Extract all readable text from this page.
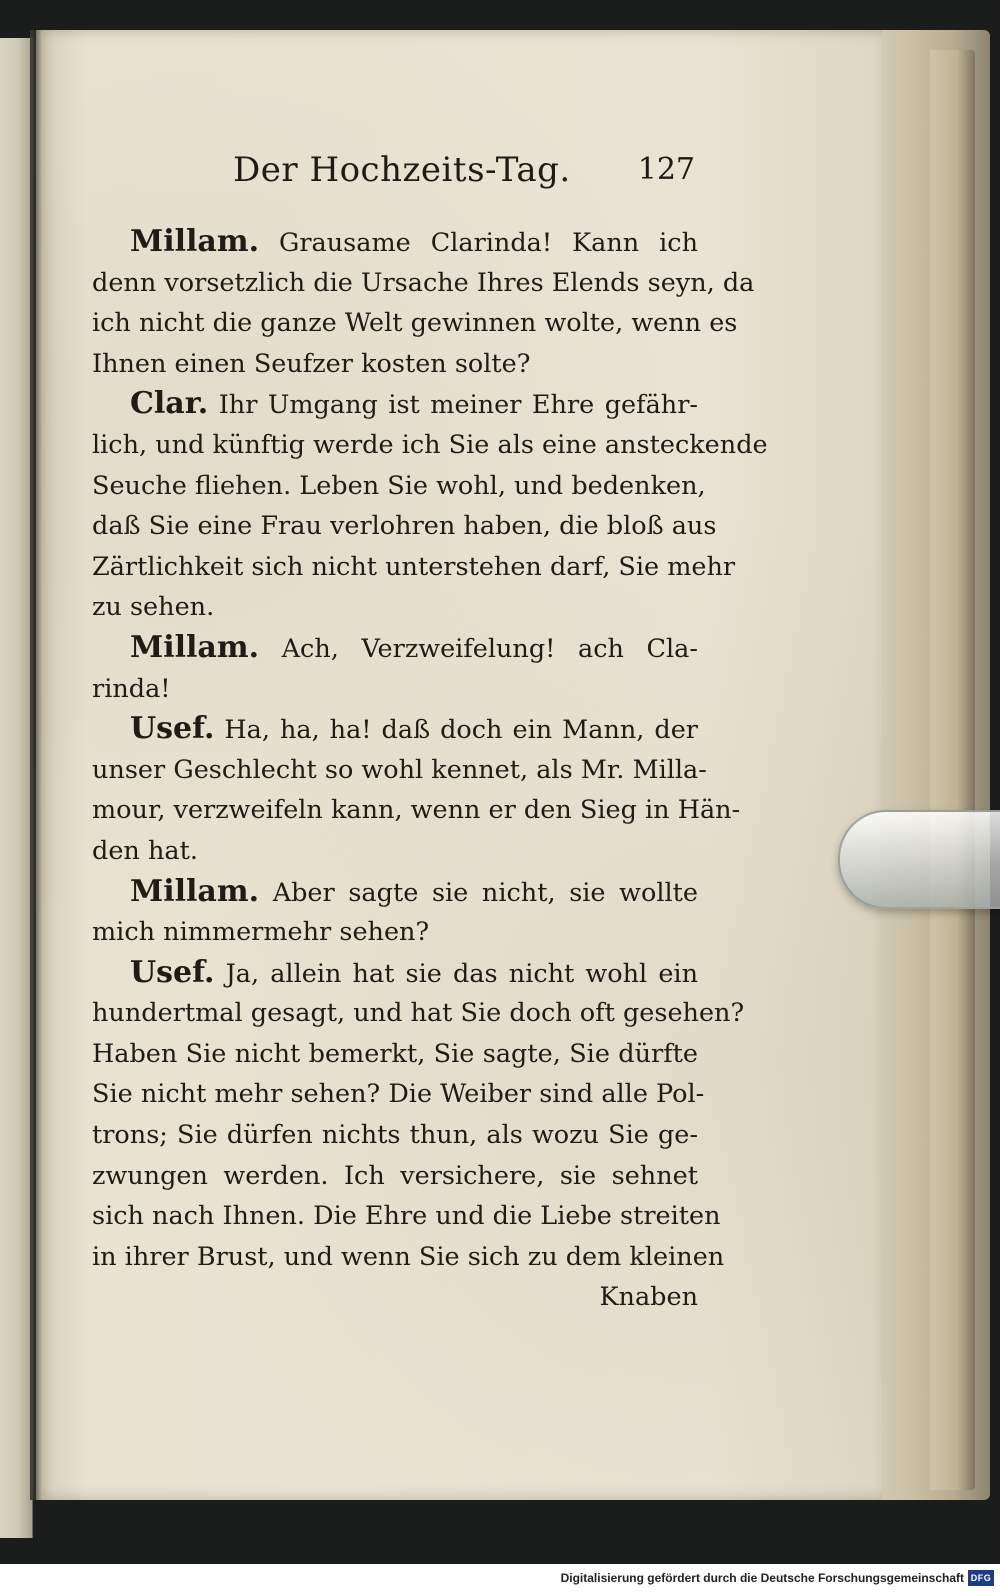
Der Hochzeits-Tag. 127
Millam. Grausame Clarinda! Kann ich
denn vorsetzlich die Ursache Ihres Elends seyn, da
ich nicht die ganze Welt gewinnen wolte, wenn es
Ihnen einen Seufzer kosten solte?
Clar. Ihr Umgang ist meiner Ehre gefähr-
lich, und künftig werde ich Sie als eine ansteckende
Seuche fliehen. Leben Sie wohl, und bedenken,
daß Sie eine Frau verlohren haben, die bloß aus
Zärtlichkeit sich nicht unterstehen darf, Sie mehr
zu sehen.
Millam. Ach, Verzweifelung! ach Cla-
rinda!
Usef. Ha, ha, ha! daß doch ein Mann, der
unser Geschlecht so wohl kennet, als Mr. Milla-
mour, verzweifeln kann, wenn er den Sieg in Hän-
den hat.
Millam. Aber sagte sie nicht, sie wollte
mich nimmermehr sehen?
Usef. Ja, allein hat sie das nicht wohl ein
hundertmal gesagt, und hat Sie doch oft gesehen?
Haben Sie nicht bemerkt, Sie sagte, Sie dürfte
Sie nicht mehr sehen? Die Weiber sind alle Pol-
trons; Sie dürfen nichts thun, als wozu Sie ge-
zwungen werden. Ich versichere, sie sehnet
sich nach Ihnen. Die Ehre und die Liebe streiten
in ihrer Brust, und wenn Sie sich zu dem kleinen
Knaben
Digitalisierung gefördert durch die Deutsche Forschungsgemeinschaft DFG
